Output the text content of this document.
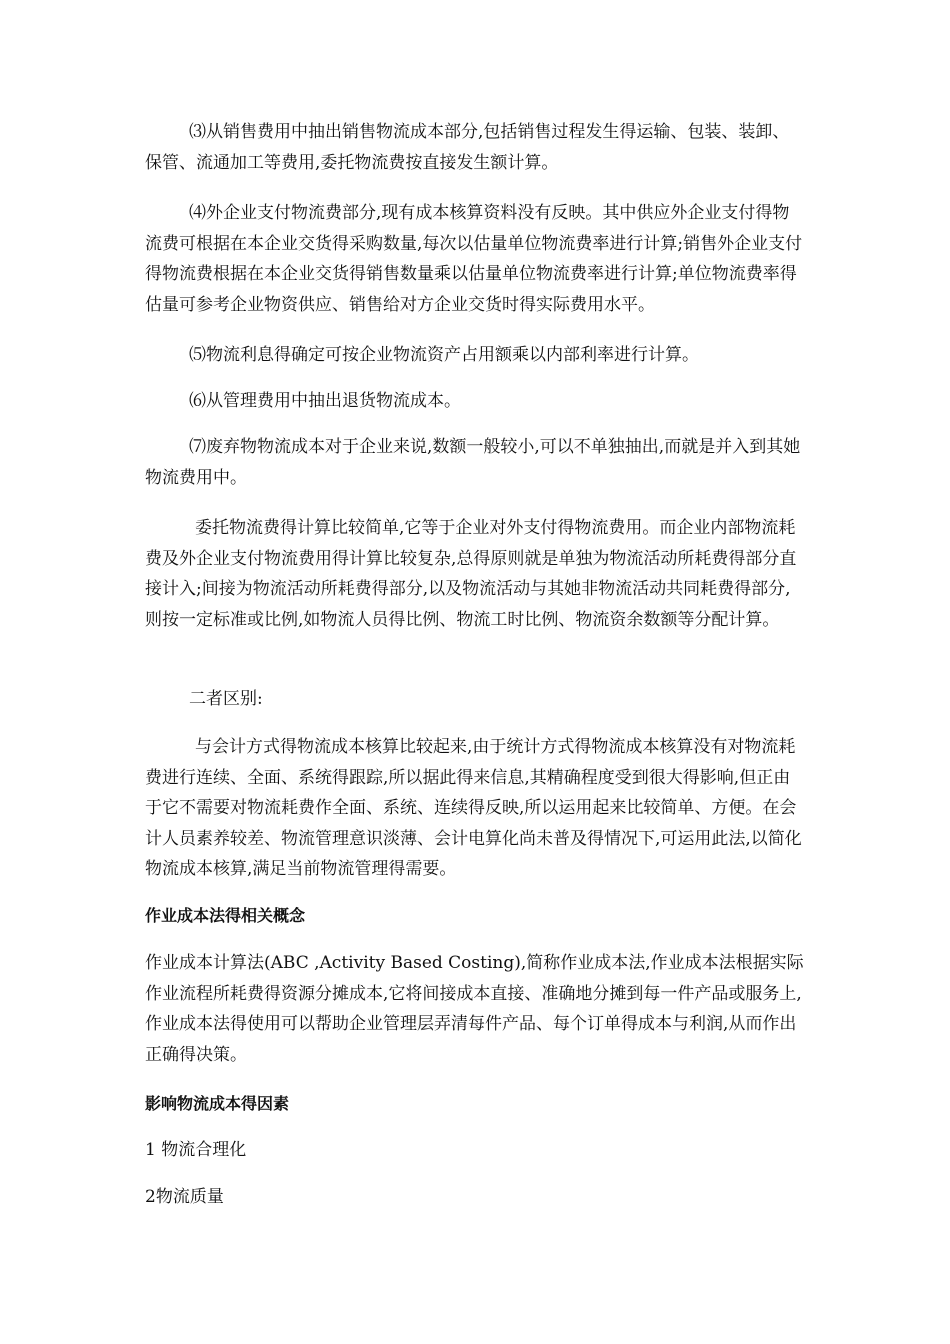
⑶从销售费用中抽出销售物流成本部分,包括销售过程发生得运输、包装、装卸、保管、流通加工等费用,委托物流费按直接发生额计算。

⑷外企业支付物流费部分,现有成本核算资料没有反映。其中供应外企业支付得物流费可根据在本企业交货得采购数量,每次以估量单位物流费率进行计算;销售外企业支付得物流费根据在本企业交货得销售数量乘以估量单位物流费率进行计算;单位物流费率得估量可参考企业物资供应、销售给对方企业交货时得实际费用水平。

⑸物流利息得确定可按企业物流资产占用额乘以内部利率进行计算。

⑹从管理费用中抽出退货物流成本。

⑺废弃物物流成本对于企业来说,数额一般较小,可以不单独抽出,而就是并入到其她物流费用中。

委托物流费得计算比较简单,它等于企业对外支付得物流费用。而企业内部物流耗费及外企业支付物流费用得计算比较复杂,总得原则就是单独为物流活动所耗费得部分直接计入;间接为物流活动所耗费得部分,以及物流活动与其她非物流活动共同耗费得部分,则按一定标准或比例,如物流人员得比例、物流工时比例、物流资余数额等分配计算。

二者区别:

与会计方式得物流成本核算比较起来,由于统计方式得物流成本核算没有对物流耗费进行连续、全面、系统得跟踪,所以据此得来信息,其精确程度受到很大得影响,但正由于它不需要对物流耗费作全面、系统、连续得反映,所以运用起来比较简单、方便。在会计人员素养较差、物流管理意识淡薄、会计电算化尚未普及得情况下,可运用此法,以简化物流成本核算,满足当前物流管理得需要。

作业成本法得相关概念

作业成本计算法(ABC ,Activity Based Costing),简称作业成本法,作业成本法根据实际作业流程所耗费得资源分摊成本,它将间接成本直接、准确地分摊到每一件产品或服务上,作业成本法得使用可以帮助企业管理层弄清每件产品、每个订单得成本与利润,从而作出正确得决策。

影响物流成本得因素

1 物流合理化

2物流质量
